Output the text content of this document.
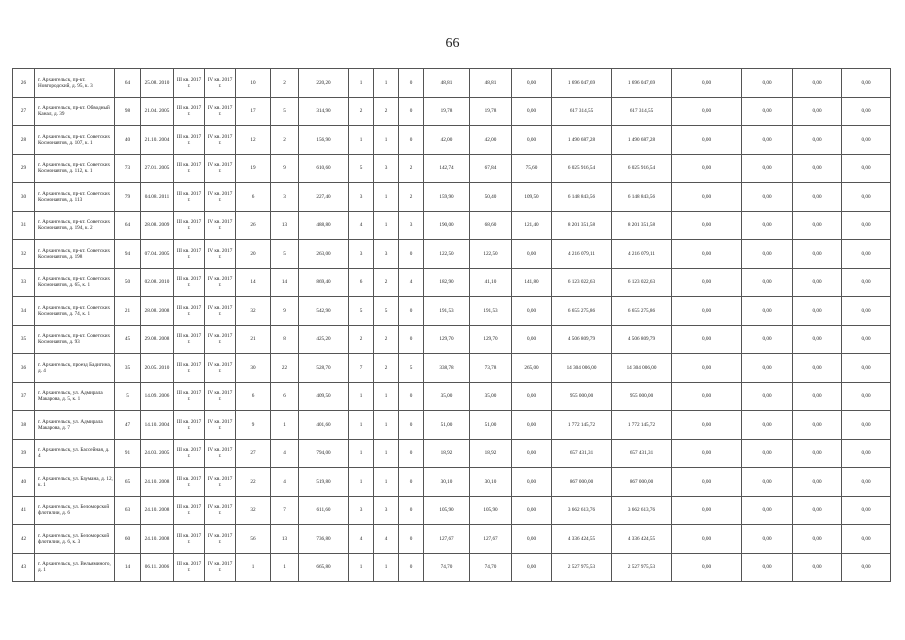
66
26	г. Архангельск, пр-кт. Новгородский, д. 95, к. 3	64	25.08. 2010	III кв. 2017 г.	IV кв. 2017 г.	10	2	220,20	1	1	0	48,81	48,81	0,00	1 696 047,69	1 696 047,69	0,00	0,00	0,00	0,00
27	г. Архангельск, пр-кт. Обводный Канал, д. 39	98	21.04. 2005	III кв. 2017 г.	IV кв. 2017 г.	17	5	314,90	2	2	0	19,78	19,78	0,00	617 314,55	617 314,55	0,00	0,00	0,00	0,00
28	г. Архангельск, пр-кт. Советских Космонавтов, д. 107, к. 1	40	21.10. 2004	III кв. 2017 г.	IV кв. 2017 г.	12	2	156,90	1	1	0	42,00	42,00	0,00	1 490 687,28	1 490 687,28	0,00	0,00	0,00	0,00
29	г. Архангельск, пр-кт. Советских Космонавтов, д. 112, к. 1	73	27.01. 2005	III кв. 2017 г.	IV кв. 2017 г.	19	9	610,60	5	3	2	142,74	67,84	75,60	6 025 916,54	6 025 916,54	0,00	0,00	0,00	0,00
30	г. Архангельск, пр-кт. Советских Космонавтов, д. 113	79	04.08. 2011	III кв. 2017 г.	IV кв. 2017 г.	6	3	227,40	3	1	2	159,90	50,40	109,50	6 148 843,56	6 148 843,56	0,00	0,00	0,00	0,00
31	г. Архангельск, пр-кт. Советских Космонавтов, д. 194, к. 2	64	28.08. 2009	III кв. 2017 г.	IV кв. 2017 г.	26	13	488,80	4	1	3	190,00	68,60	121,40	8 201 351,58	8 201 351,58	0,00	0,00	0,00	0,00
32	г. Архангельск, пр-кт. Советских Космонавтов, д. 198	94	07.04. 2005	III кв. 2017 г.	IV кв. 2017 г.	20	5	263,00	3	3	0	122,50	122,50	0,00	4 216 079,11	4 216 079,11	0,00	0,00	0,00	0,00
33	г. Архангельск, пр-кт. Советских Космонавтов, д. 65, к. 1	50	02.08. 2010	III кв. 2017 г.	IV кв. 2017 г.	14	14	869,40	6	2	4	182,90	41,10	141,80	6 123 022,63	6 123 022,63	0,00	0,00	0,00	0,00
34	г. Архангельск, пр-кт. Советских Космонавтов, д. 74, к. 1	21	28.08. 2008	III кв. 2017 г.	IV кв. 2017 г.	32	9	542,90	5	5	0	191,53	191,53	0,00	6 655 275,86	6 655 275,86	0,00	0,00	0,00	0,00
35	г. Архангельск, пр-кт. Советских Космонавтов, д. 93	45	29.08. 2008	III кв. 2017 г.	IV кв. 2017 г.	21	8	425,20	2	2	0	129,70	129,70	0,00	4 506 809,79	4 506 809,79	0,00	0,00	0,00	0,00
36	г. Архангельск, проезд Бадигина, д. 4	35	20.05. 2010	III кв. 2017 г.	IV кв. 2017 г.	30	22	528,70	7	2	5	338,78	73,78	265,00	14 304 006,00	14 304 006,00	0,00	0,00	0,00	0,00
37	г. Архангельск, ул. Адмирала Макарова, д. 5, к. 1	5	14.09. 2006	III кв. 2017 г.	IV кв. 2017 г.	6	6	409,50	1	1	0	35,00	35,00	0,00	955 000,00	955 000,00	0,00	0,00	0,00	0,00
38	г. Архангельск, ул. Адмирала Макарова, д. 7	47	14.10. 2004	III кв. 2017 г.	IV кв. 2017 г.	9	1	401,60	1	1	0	51,00	51,00	0,00	1 772 145,72	1 772 145,72	0,00	0,00	0,00	0,00
39	г. Архангельск, ул. Бассейная, д. 4	91	24.03. 2005	III кв. 2017 г.	IV кв. 2017 г.	27	4	794,00	1	1	0	18,92	18,92	0,00	657 431,31	657 431,31	0,00	0,00	0,00	0,00
40	г. Архангельск, ул. Баумана, д. 12, к. 1	65	24.10. 2008	III кв. 2017 г.	IV кв. 2017 г.	22	4	519,80	1	1	0	30,10	30,10	0,00	867 000,00	867 000,00	0,00	0,00	0,00	0,00
41	г. Архангельск, ул. Беломорской флотилии, д. 6	63	24.10. 2008	III кв. 2017 г.	IV кв. 2017 г.	32	7	611,60	3	3	0	105,90	105,90	0,00	3 662 613,76	3 662 613,76	0,00	0,00	0,00	0,00
42	г. Архангельск, ул. Беломорской флотилии, д. 6, к. 3	60	24.10. 2008	III кв. 2017 г.	IV кв. 2017 г.	56	13	736,80	4	4	0	127,67	127,67	0,00	4 336 424,55	4 336 424,55	0,00	0,00	0,00	0,00
43	г. Архангельск, ул. Вельяминого, д. 1	14	06.11. 2006	III кв. 2017 г.	IV кв. 2017 г.	1	1	665,80	1	1	0	74,70	74,70	0,00	2 527 975,53	2 527 975,53	0,00	0,00	0,00	0,00
